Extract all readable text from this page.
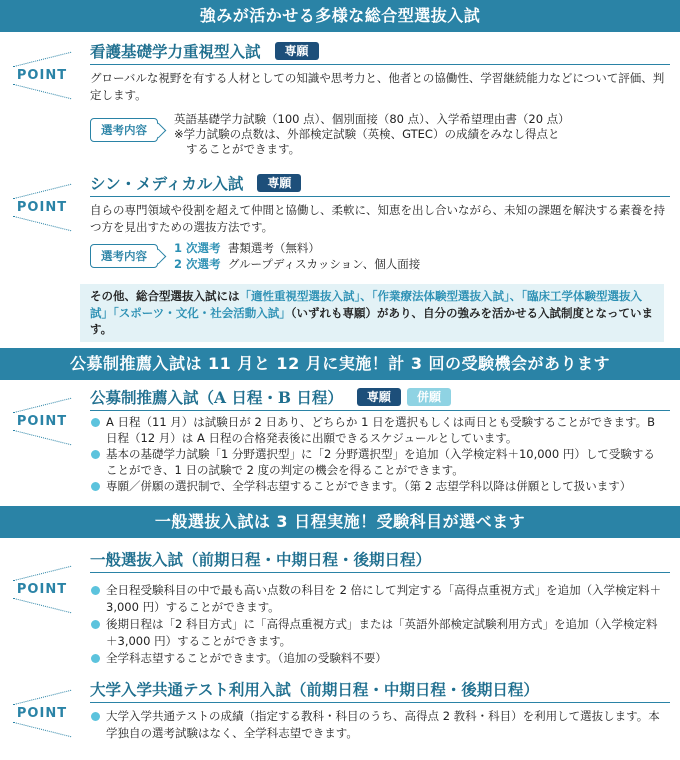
強みが活かせる多様な総合型選抜入試
POINT
看護基礎学力重視型入試	専願
グローバルな視野を有する人材としての知識や思考力と、他者との協働性、学習継続能力などについて評価、判定します。
選考内容
英語基礎学力試験（100 点）、個別面接（80 点）、入学希望理由書（20 点）
※学力試験の点数は、外部検定試験（英検、GTEC）の成績をみなし得点と
することができます。
POINT
シン・メディカル入試	専願
自らの専門領域や役割を超えて仲間と協働し、柔軟に、知恵を出し合いながら、未知の課題を解決する素養を持つ方を見出すための選抜方法です。
選考内容
1 次選考 書類選考（無料）
2 次選考 グループディスカッション、個人面接
その他、総合型選抜入試には「適性重視型選抜入試」、「作業療法体験型選抜入試」、「臨床工学体験型選抜入試」「スポーツ・文化・社会活動入試」（いずれも専願）があり、自分の強みを活かせる入試制度となっています。
公募制推薦入試は 11 月と 12 月に実施！計 3 回の受験機会があります
POINT
公募制推薦入試（A 日程・B 日程）	専願	併願
A 日程（11 月）は試験日が 2 日あり、どちらか 1 日を選択もしくは両日とも受験することができます。B 日程（12 月）は A 日程の合格発表後に出願できるスケジュールとしています。
基本の基礎学力試験「1 分野選択型」に「2 分野選択型」を追加（入学検定料＋10,000 円）して受験することができ、1 日の試験で 2 度の判定の機会を得ることができます。
専願／併願の選択制で、全学科志望することができます。（第 2 志望学科以降は併願として扱います）
一般選抜入試は 3 日程実施！受験科目が選べます
POINT
一般選抜入試（前期日程・中期日程・後期日程）
全日程受験科目の中で最も高い点数の科目を 2 倍にして判定する「高得点重視方式」を追加（入学検定料＋3,000 円）することができます。
後期日程は「2 科目方式」に「高得点重視方式」または「英語外部検定試験利用方式」を追加（入学検定料＋3,000 円）することができます。
全学科志望することができます。（追加の受験料不要）
POINT
大学入学共通テスト利用入試（前期日程・中期日程・後期日程）
大学入学共通テストの成績（指定する教科・科目のうち、高得点 2 教科・科目）を利用して選抜します。本学独自の選考試験はなく、全学科志望できます。
